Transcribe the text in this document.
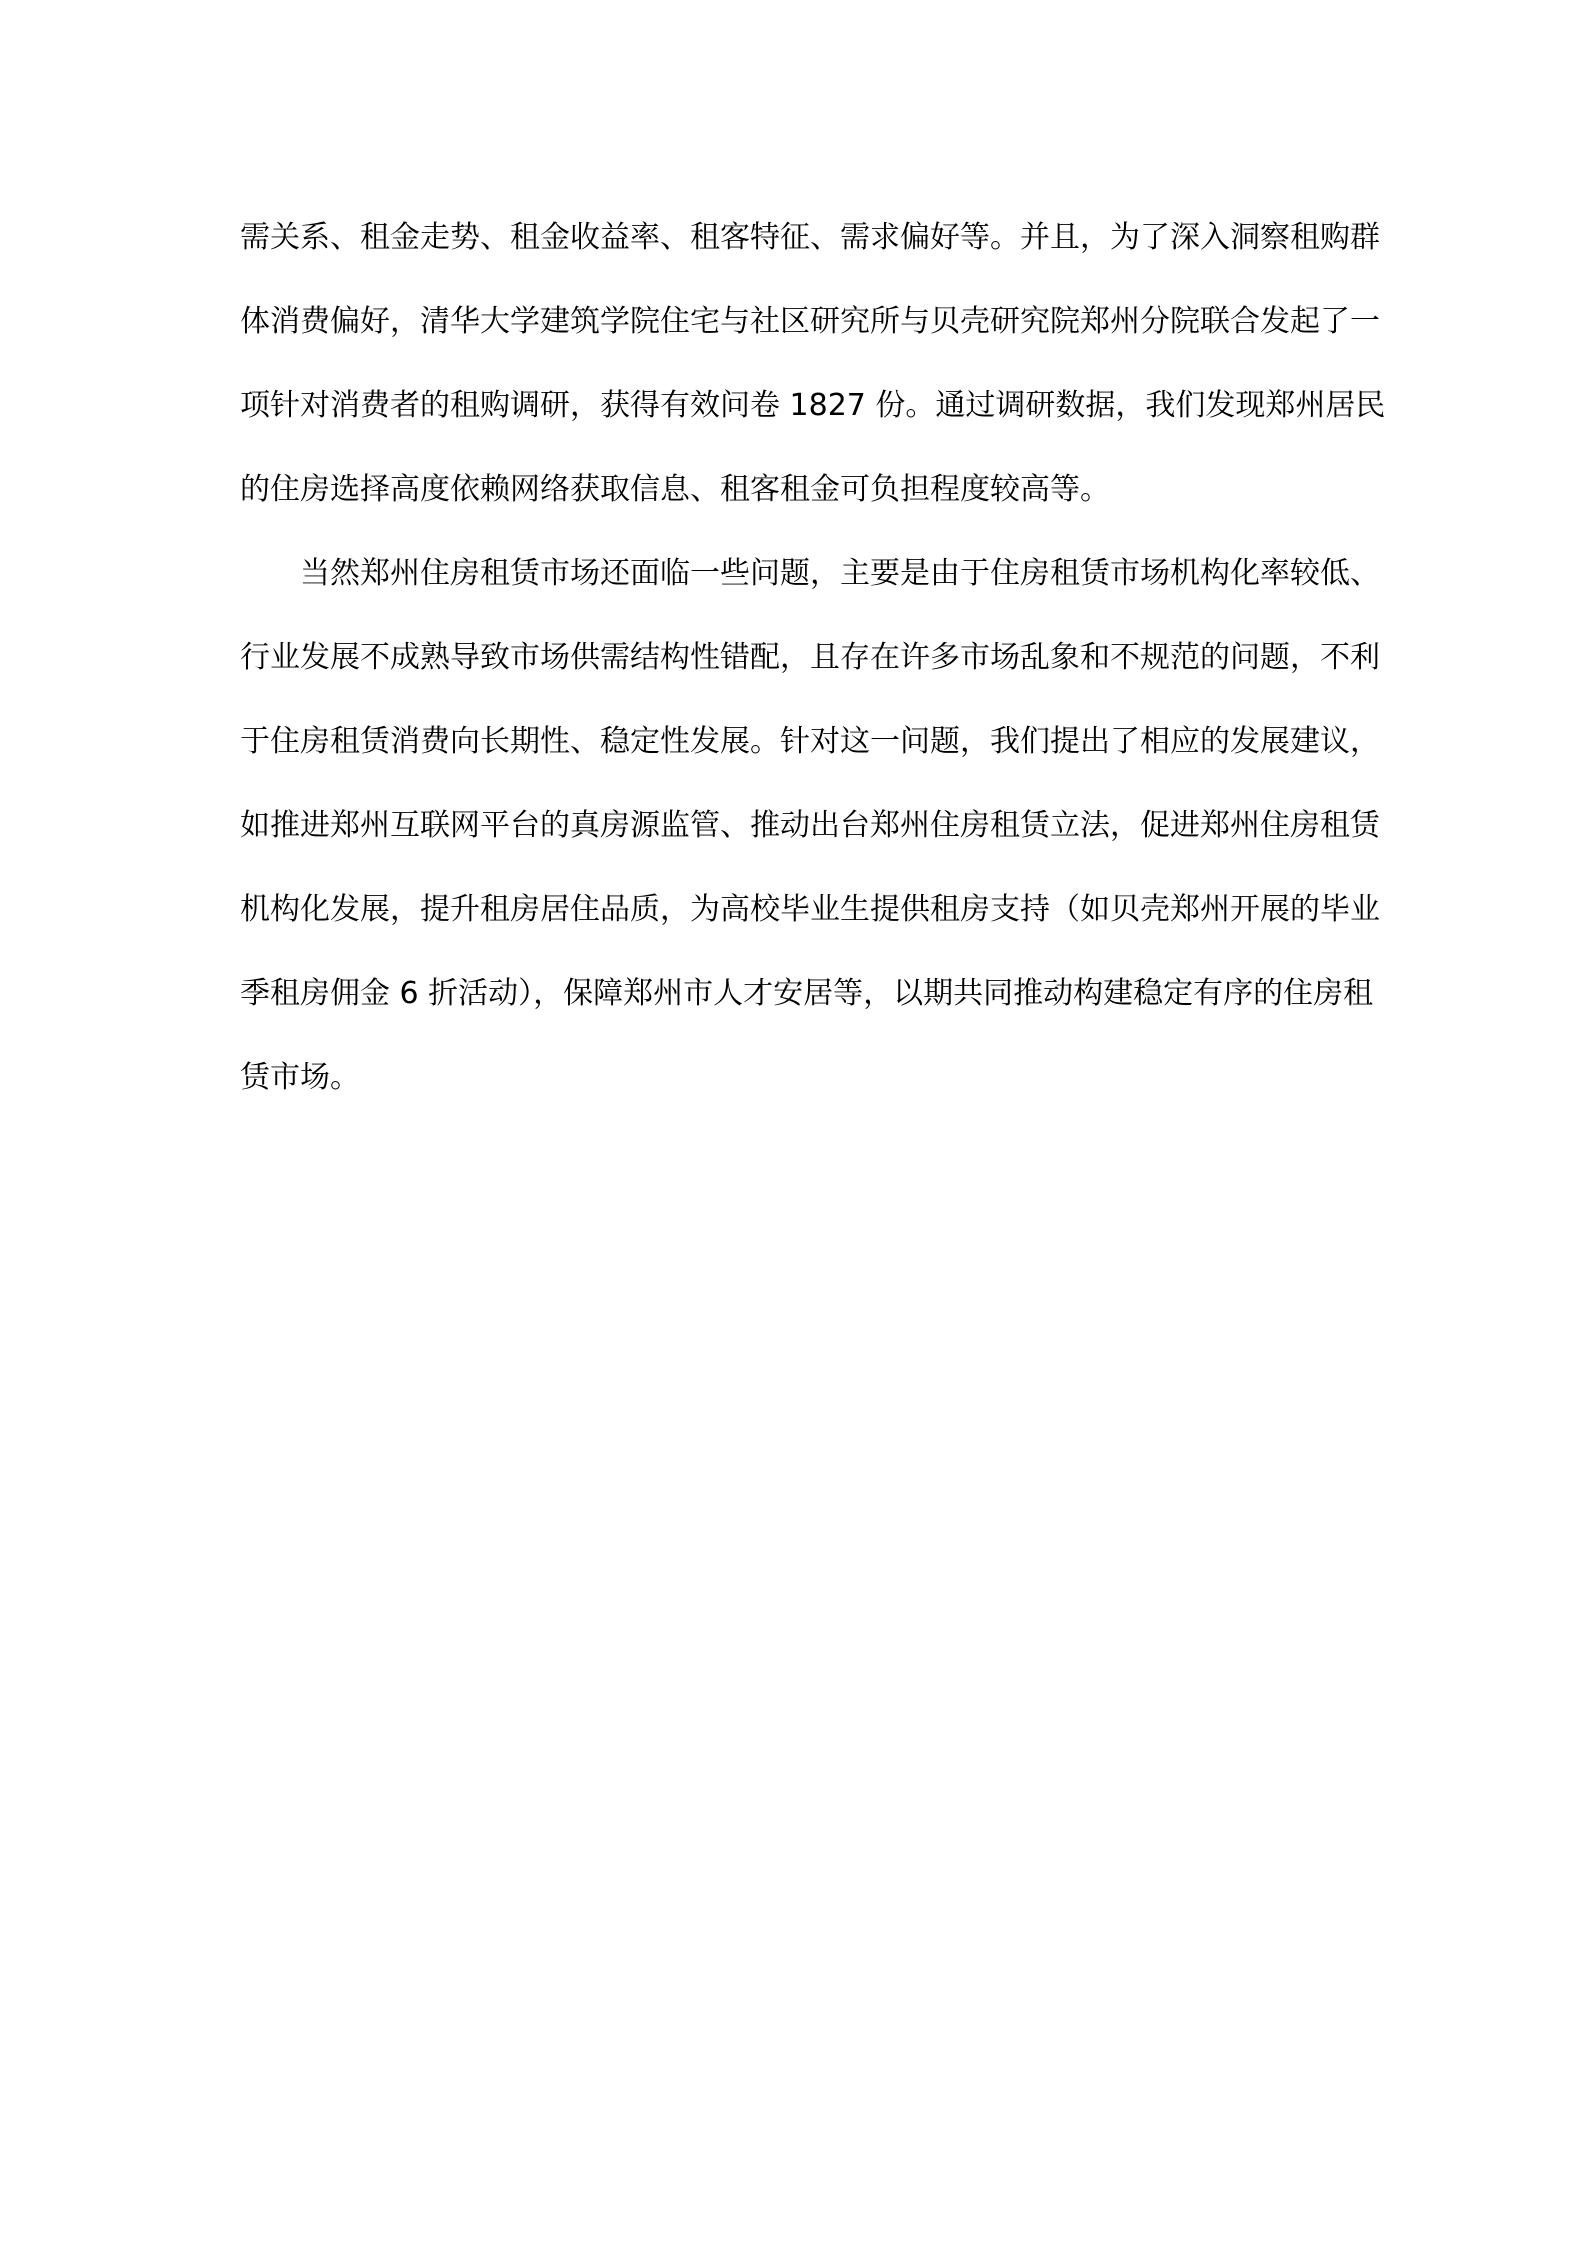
需关系、租金走势、租金收益率、租客特征、需求偏好等。并且，为了深入洞察租购群
体消费偏好，清华大学建筑学院住宅与社区研究所与贝壳研究院郑州分院联合发起了一
项针对消费者的租购调研，获得有效问卷 1827 份。通过调研数据，我们发现郑州居民
的住房选择高度依赖网络获取信息、租客租金可负担程度较高等。
当然郑州住房租赁市场还面临一些问题，主要是由于住房租赁市场机构化率较低、
行业发展不成熟导致市场供需结构性错配，且存在许多市场乱象和不规范的问题，不利
于住房租赁消费向长期性、稳定性发展。针对这一问题，我们提出了相应的发展建议，
如推进郑州互联网平台的真房源监管、推动出台郑州住房租赁立法，促进郑州住房租赁
机构化发展，提升租房居住品质，为高校毕业生提供租房支持（如贝壳郑州开展的毕业
季租房佣金 6 折活动），保障郑州市人才安居等，以期共同推动构建稳定有序的住房租
赁市场。
